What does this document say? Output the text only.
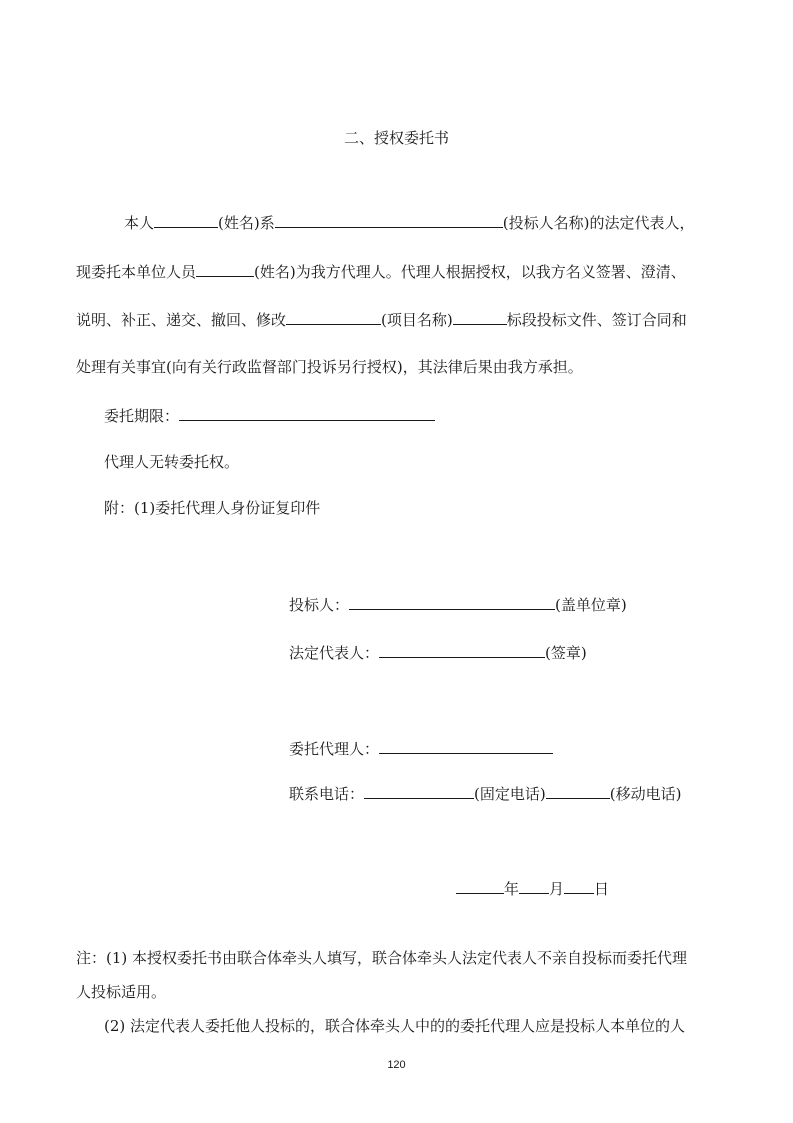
二、授权委托书
本人	(姓名)系	(投标人名称)的法定代表人，
现委托本单位人员	(姓名)为我方代理人。代理人根据授权，以我方名义签署、澄清、
说明、补正、递交、撤回、修改	(项目名称)	标段投标文件、签订合同和
处理有关事宜(向有关行政监督部门投诉另行授权)，其法律后果由我方承担。
委托期限：
代理人无转委托权。
附：(1)委托代理人身份证复印件
投标人：	(盖单位章)
法定代表人：	(签章)
委托代理人：
联系电话：	(固定电话)	(移动电话)
年 月 日
注：(1) 本授权委托书由联合体牵头人填写，联合体牵头人法定代表人不亲自投标而委托代理
人投标适用。
(2) 法定代表人委托他人投标的，联合体牵头人中的的委托代理人应是投标人本单位的人
120
